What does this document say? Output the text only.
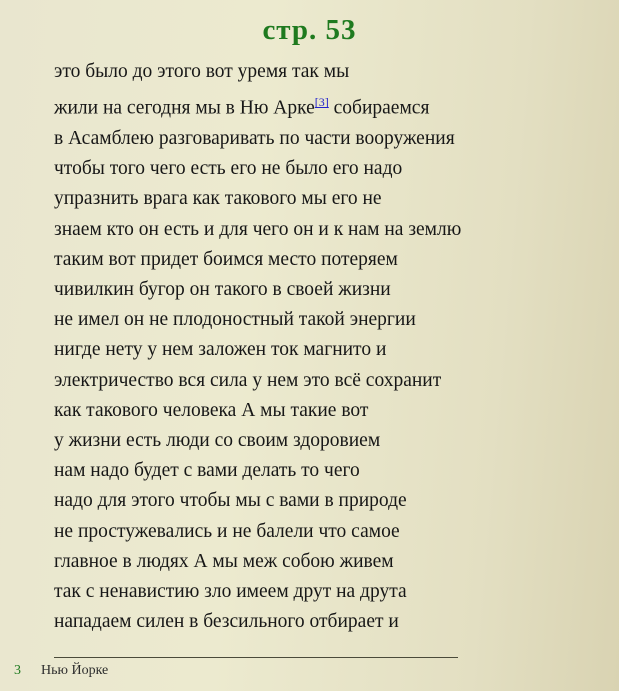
стр. 53
это было до этого вот уремя так мы
жили на сегодня мы в Ню Арке[3] собираемся
в Асамблею разговаривать по части вооружения
чтобы того чего есть его не было его надо
упразнить врага как такового мы его не
знаем кто он есть и для чего он и к нам на землю
таким вот придет боимся место потеряем
чивилкин бугор он такого в своей жизни
не имел он не плодоностный такой энергии
нигде нету у нем заложен ток магнито и
электричество вся сила у нем это всё сохранит
как такового человека А мы такие вот
у жизни есть люди со своим здоровием
нам надо будет с вами делать то чего
надо для этого чтобы мы с вами в природе
не простужевались и не балели что самое
главное в людях А мы меж собою живем
так с ненавистию зло имеем друт на друта
нападаем силен в безсильного отбирает и
3 Нью Йорке
